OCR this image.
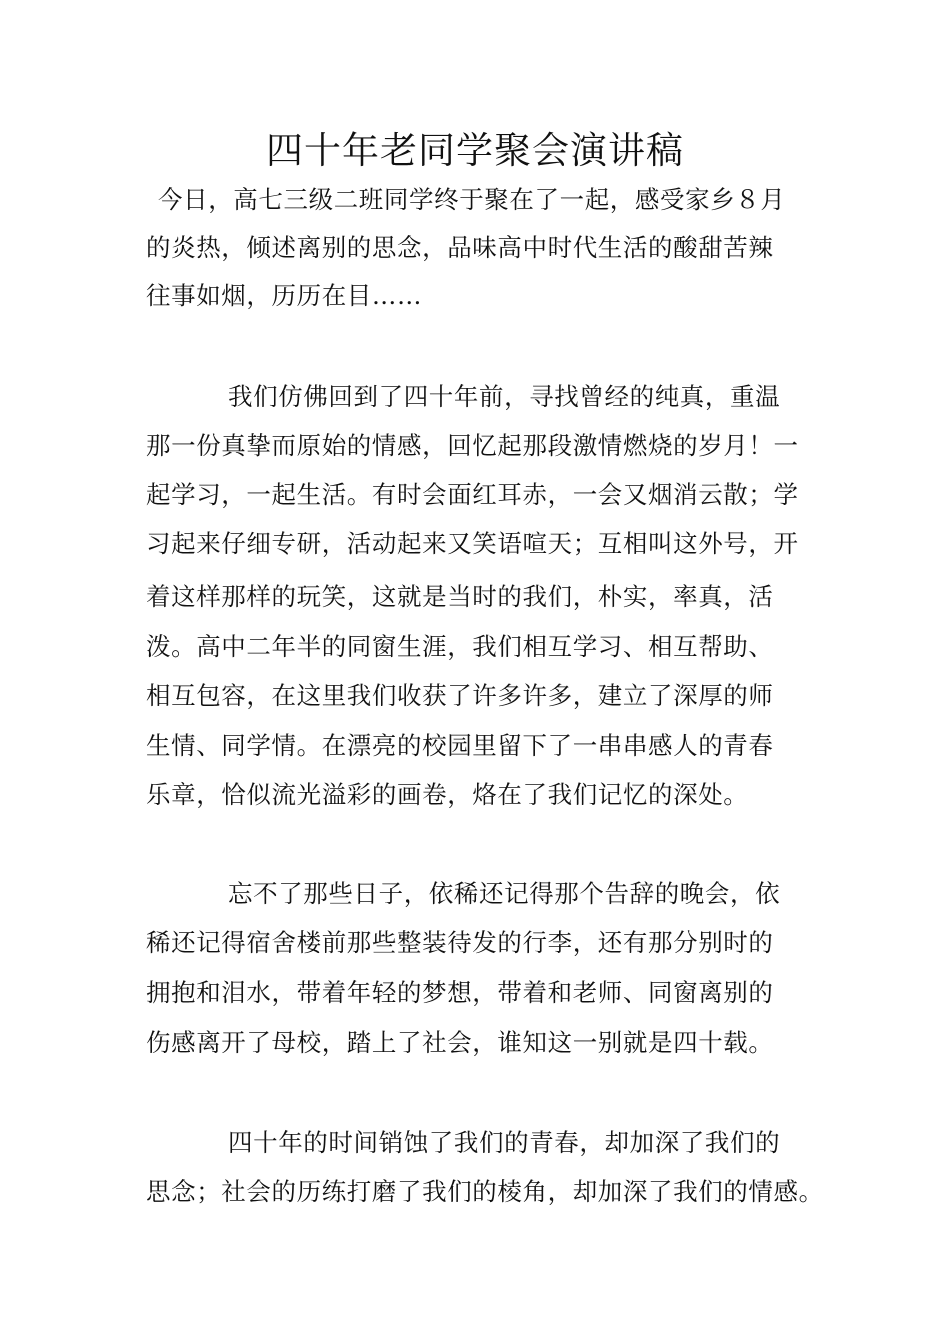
四十年老同学聚会演讲稿

今日，高七三级二班同学终于聚在了一起，感受家乡８月

的炎热，倾述离别的思念，品味高中时代生活的酸甜苦辣

往事如烟，历历在目……

我们仿佛回到了四十年前，寻找曾经的纯真，重温

那一份真挚而原始的情感，回忆起那段激情燃烧的岁月！一

起学习，一起生活。有时会面红耳赤，一会又烟消云散；学

习起来仔细专研，活动起来又笑语喧天；互相叫这外号，开

着这样那样的玩笑，这就是当时的我们，朴实，率真，活

泼。高中二年半的同窗生涯，我们相互学习、相互帮助、

相互包容，在这里我们收获了许多许多，建立了深厚的师

生情、同学情。在漂亮的校园里留下了一串串感人的青春

乐章，恰似流光溢彩的画卷，烙在了我们记忆的深处。

忘不了那些日子，依稀还记得那个告辞的晚会，依

稀还记得宿舍楼前那些整装待发的行李，还有那分别时的

拥抱和泪水，带着年轻的梦想，带着和老师、同窗离别的

伤感离开了母校，踏上了社会，谁知这一别就是四十载。

四十年的时间销蚀了我们的青春，却加深了我们的

思念；社会的历练打磨了我们的棱角，却加深了我们的情感。
